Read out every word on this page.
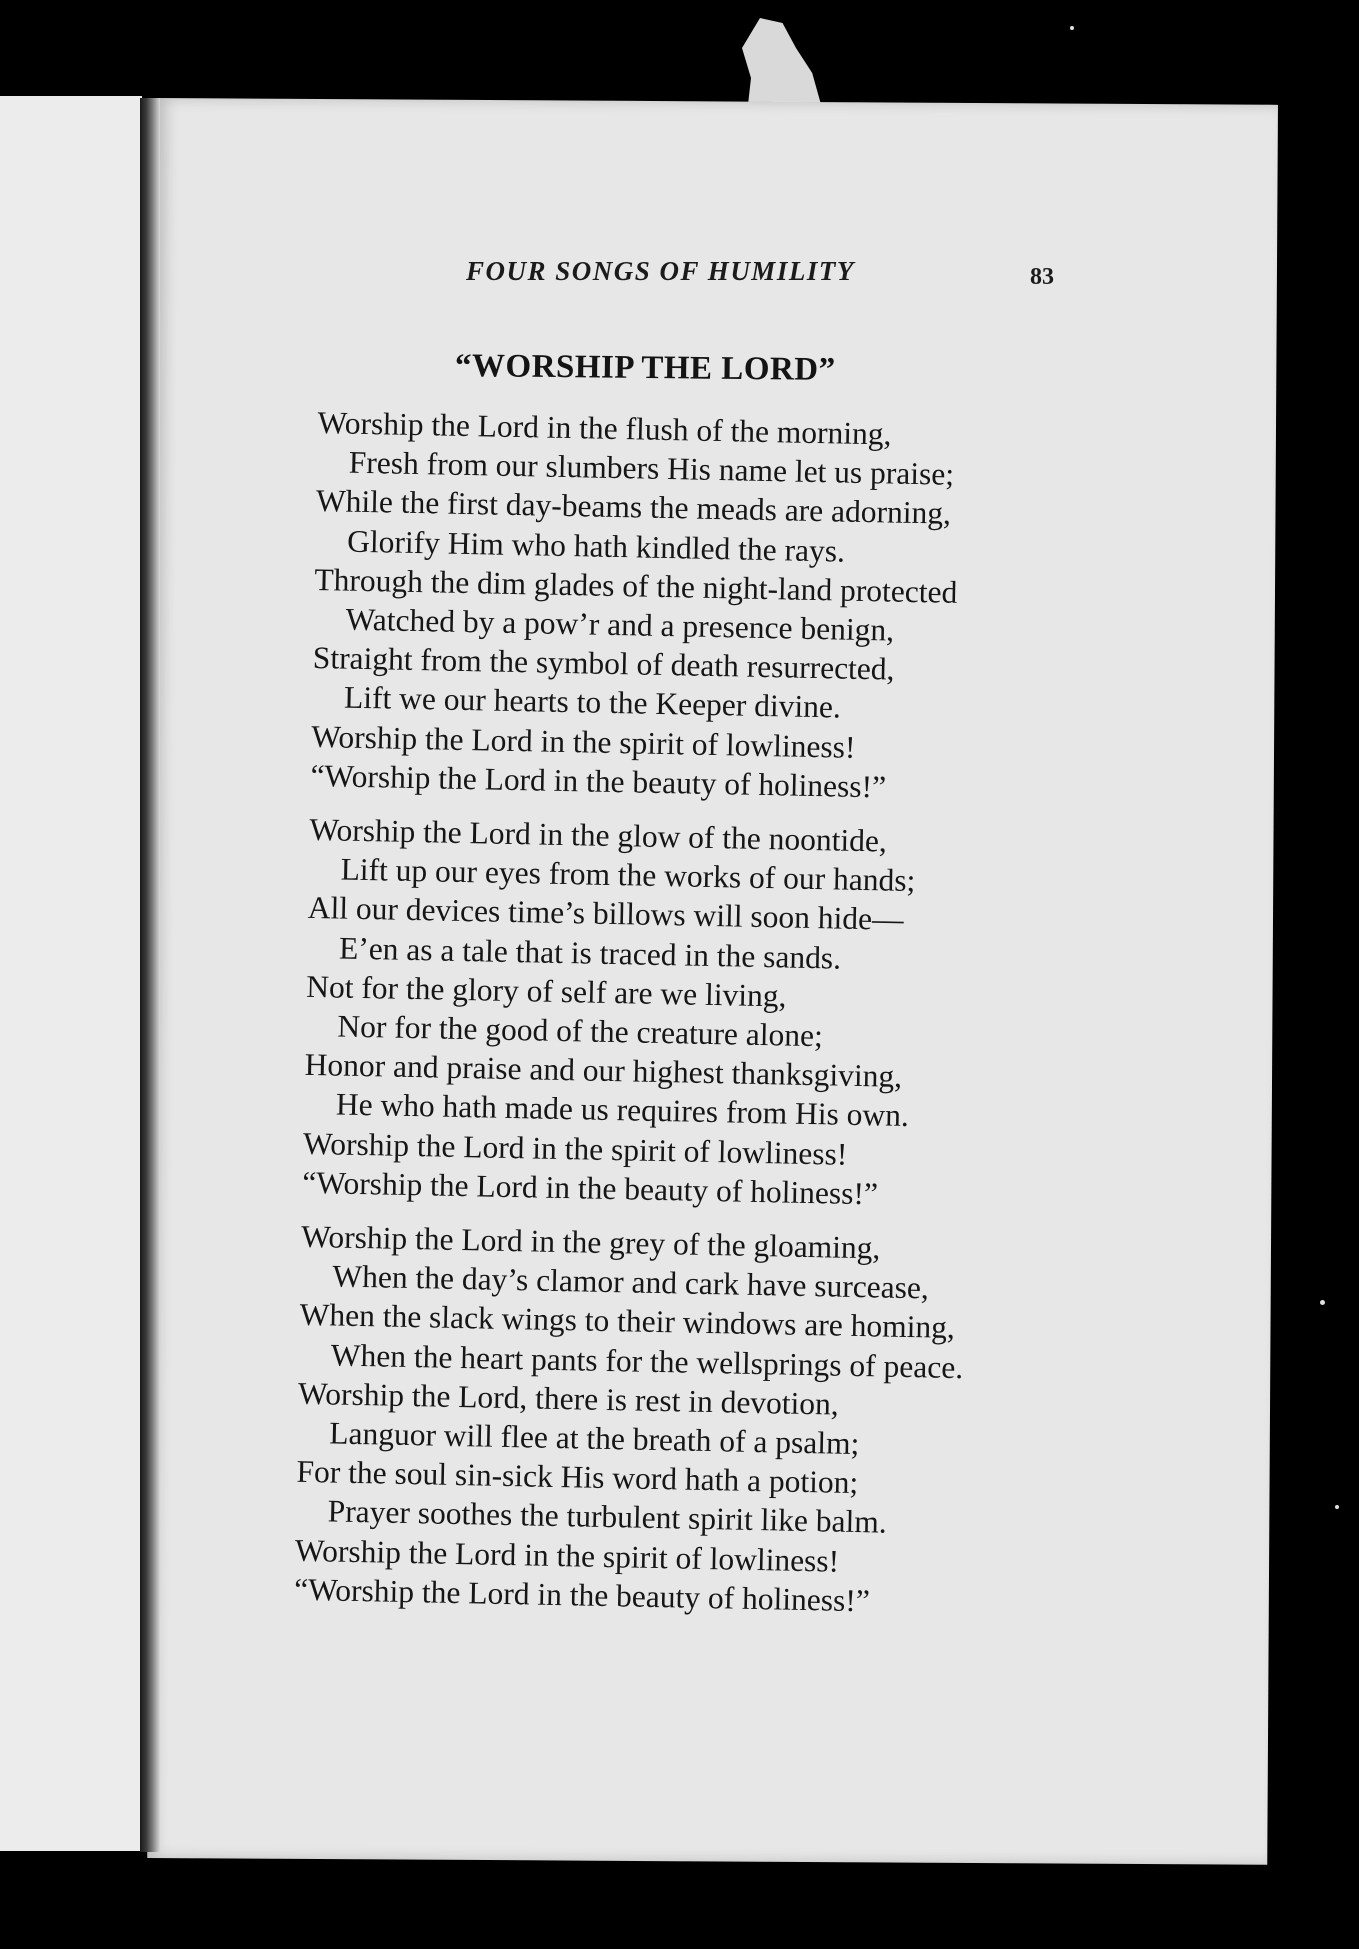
FOUR SONGS OF HUMILITY	83
“WORSHIP THE LORD”
Worship the Lord in the flush of the morning,
Fresh from our slumbers His name let us praise;
While the first day-beams the meads are adorning,
Glorify Him who hath kindled the rays.
Through the dim glades of the night-land protected
Watched by a pow’r and a presence benign,
Straight from the symbol of death resurrected,
Lift we our hearts to the Keeper divine.
Worship the Lord in the spirit of lowliness!
“Worship the Lord in the beauty of holiness!”
Worship the Lord in the glow of the noontide,
Lift up our eyes from the works of our hands;
All our devices time’s billows will soon hide—
E’en as a tale that is traced in the sands.
Not for the glory of self are we living,
Nor for the good of the creature alone;
Honor and praise and our highest thanksgiving,
He who hath made us requires from His own.
Worship the Lord in the spirit of lowliness!
“Worship the Lord in the beauty of holiness!”
Worship the Lord in the grey of the gloaming,
When the day’s clamor and cark have surcease,
When the slack wings to their windows are homing,
When the heart pants for the wellsprings of peace.
Worship the Lord, there is rest in devotion,
Languor will flee at the breath of a psalm;
For the soul sin-sick His word hath a potion;
Prayer soothes the turbulent spirit like balm.
Worship the Lord in the spirit of lowliness!
“Worship the Lord in the beauty of holiness!”
